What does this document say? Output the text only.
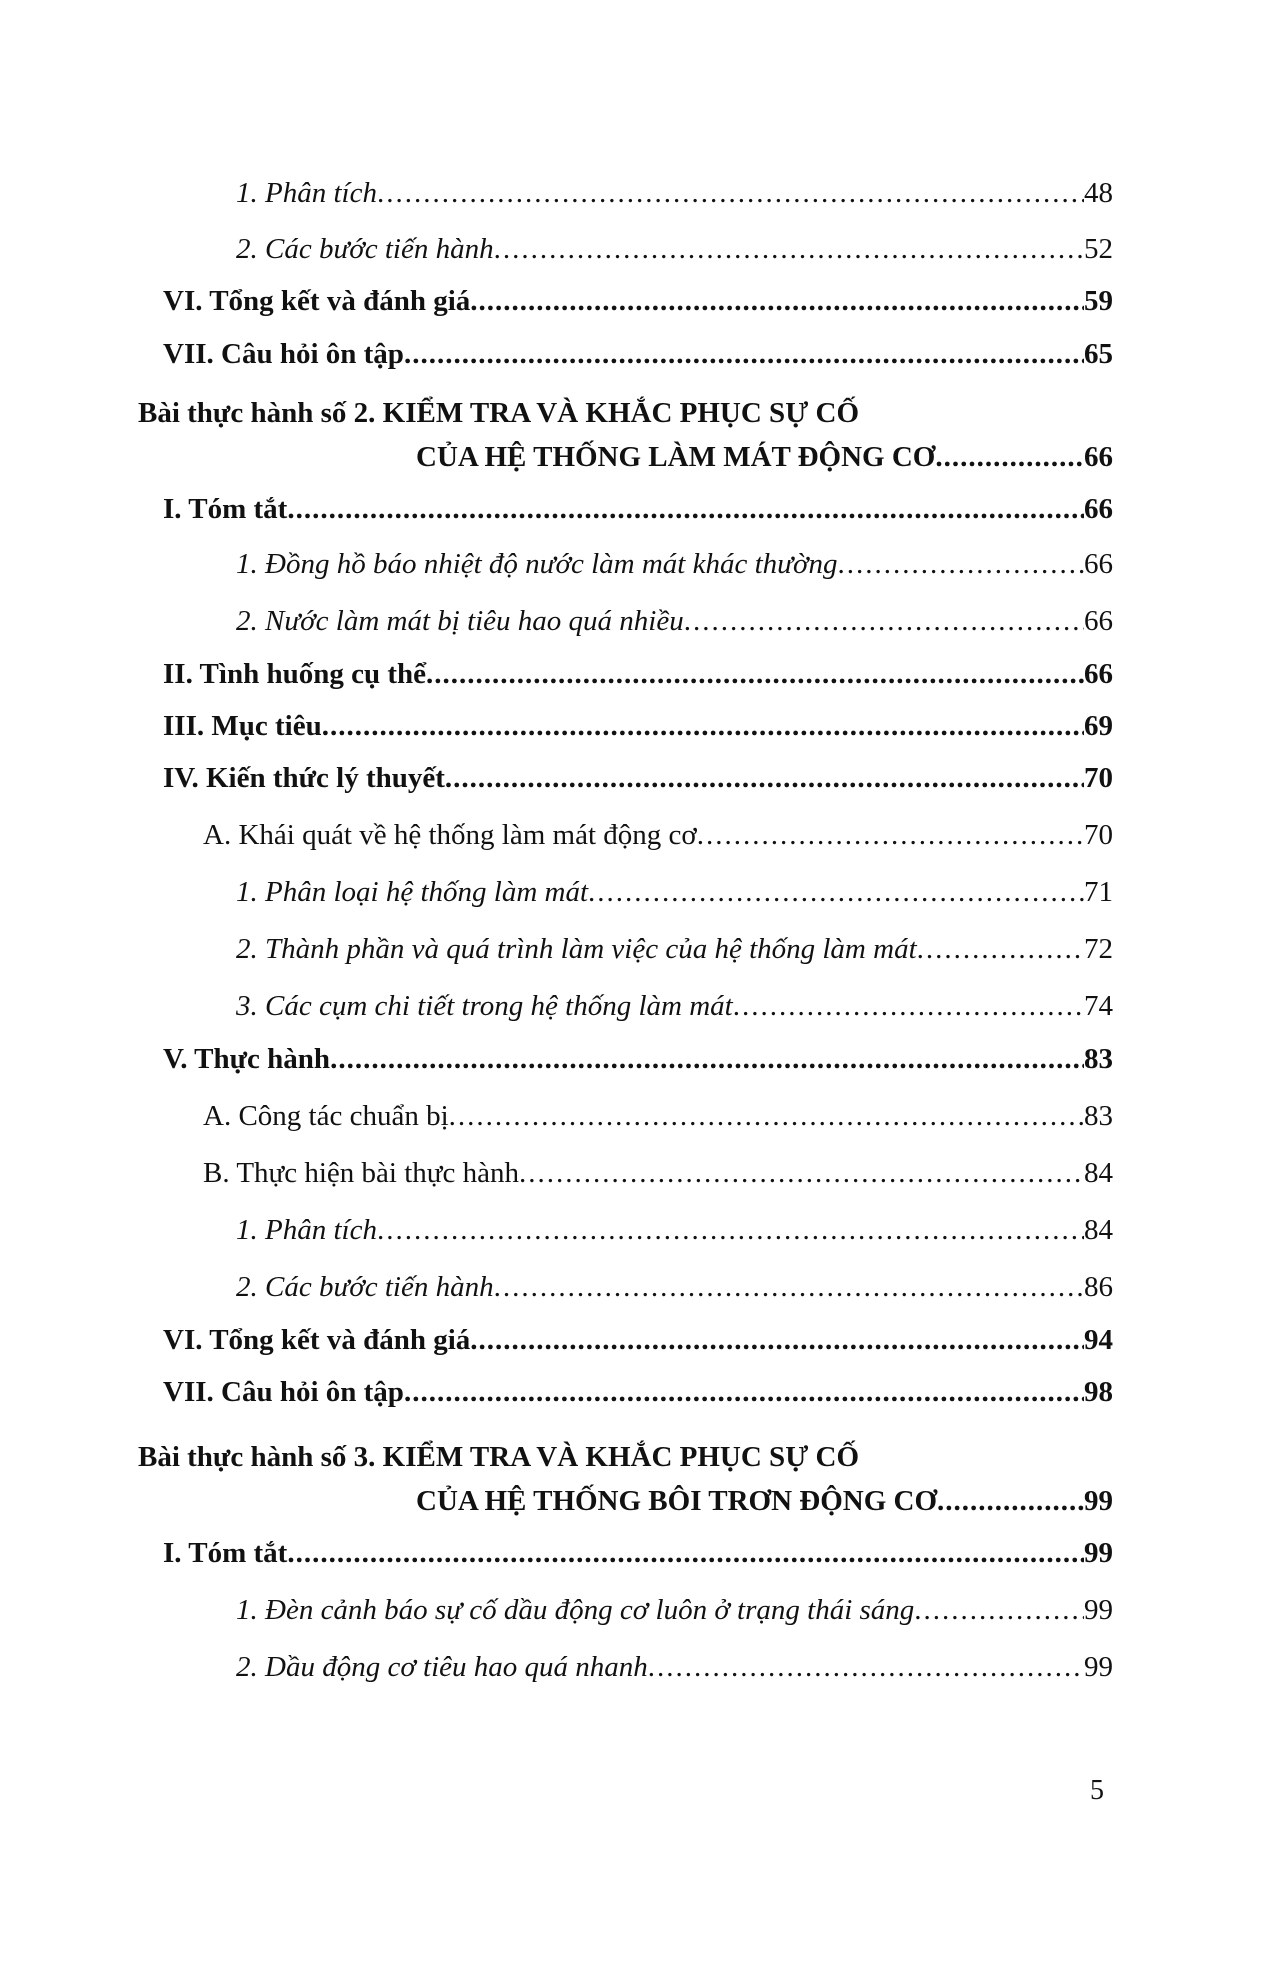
1. Phân tích .....	48
2. Các bước tiến hành .....	52
VI. Tổng kết và đánh giá .....	59
VII. Câu hỏi ôn tập .....	65
Bài thực hành số 2. KIỂM TRA VÀ KHẮC PHỤC SỰ CỐ
CỦA HỆ THỐNG LÀM MÁT ĐỘNG CƠ .....	66
I. Tóm tắt .....	66
1. Đồng hồ báo nhiệt độ nước làm mát khác thường .....	66
2. Nước làm mát bị tiêu hao quá nhiều .....	66
II. Tình huống cụ thể .....	66
III. Mục tiêu .....	69
IV. Kiến thức lý thuyết .....	70
A. Khái quát về hệ thống làm mát động cơ .....	70
1. Phân loại hệ thống làm mát .....	71
2. Thành phần và quá trình làm việc của hệ thống làm mát .....	72
3. Các cụm chi tiết trong hệ thống làm mát .....	74
V. Thực hành .....	83
A. Công tác chuẩn bị .....	83
B. Thực hiện bài thực hành .....	84
1. Phân tích .....	84
2. Các bước tiến hành .....	86
VI. Tổng kết và đánh giá .....	94
VII. Câu hỏi ôn tập .....	98
Bài thực hành số 3. KIỂM TRA VÀ KHẮC PHỤC SỰ CỐ
CỦA HỆ THỐNG BÔI TRƠN ĐỘNG CƠ .....	99
I. Tóm tắt .....	99
1. Đèn cảnh báo sự cố dầu động cơ luôn ở trạng thái sáng .....	99
2. Dầu động cơ tiêu hao quá nhanh .....	99
5
